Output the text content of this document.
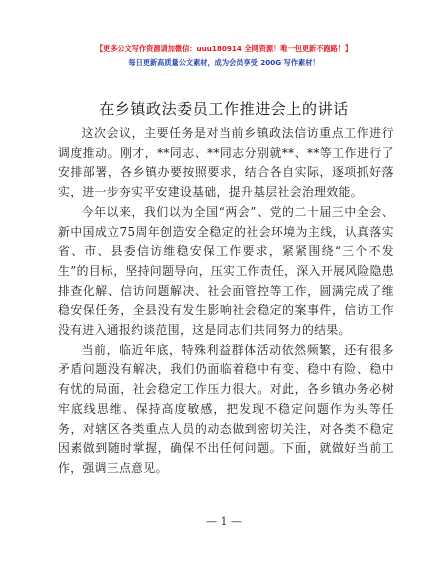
【更多公文写作资源请加微信：uuu180914 全网资源！唯一包更新不跑路！】
每日更新高质量公文素材，成为会员享受 200G 写作素材！
在乡镇政法委员工作推进会上的讲话

这次会议，主要任务是对当前乡镇政法信访重点工作进行调度推动。刚才，**同志、**同志分别就**、**等工作进行了安排部署，各乡镇办要按照要求，结合各自实际，逐项抓好落实，进一步夯实平安建设基础，提升基层社会治理效能。

今年以来，我们以为全国“两会”、党的二十届三中全会、新中国成立75周年创造安全稳定的社会环境为主线，认真落实省、市、县委信访维稳安保工作要求，紧紧围绕“三个不发生”的目标，坚持问题导向，压实工作责任，深入开展风险隐患排查化解、信访问题解决、社会面管控等工作，圆满完成了维稳安保任务，全县没有发生影响社会稳定的案事件，信访工作没有进入通报约谈范围，这是同志们共同努力的结果。

当前，临近年底，特殊利益群体活动依然频繁，还有很多矛盾问题没有解决，我们仍面临着稳中有变、稳中有险、稳中有忧的局面，社会稳定工作压力很大。对此，各乡镇办务必树牢底线思维、保持高度敏感，把发现不稳定问题作为头等任务，对辖区各类重点人员的动态做到密切关注，对各类不稳定因素做到随时掌握，确保不出任何问题。下面，就做好当前工作，强调三点意见。

— 1 —
